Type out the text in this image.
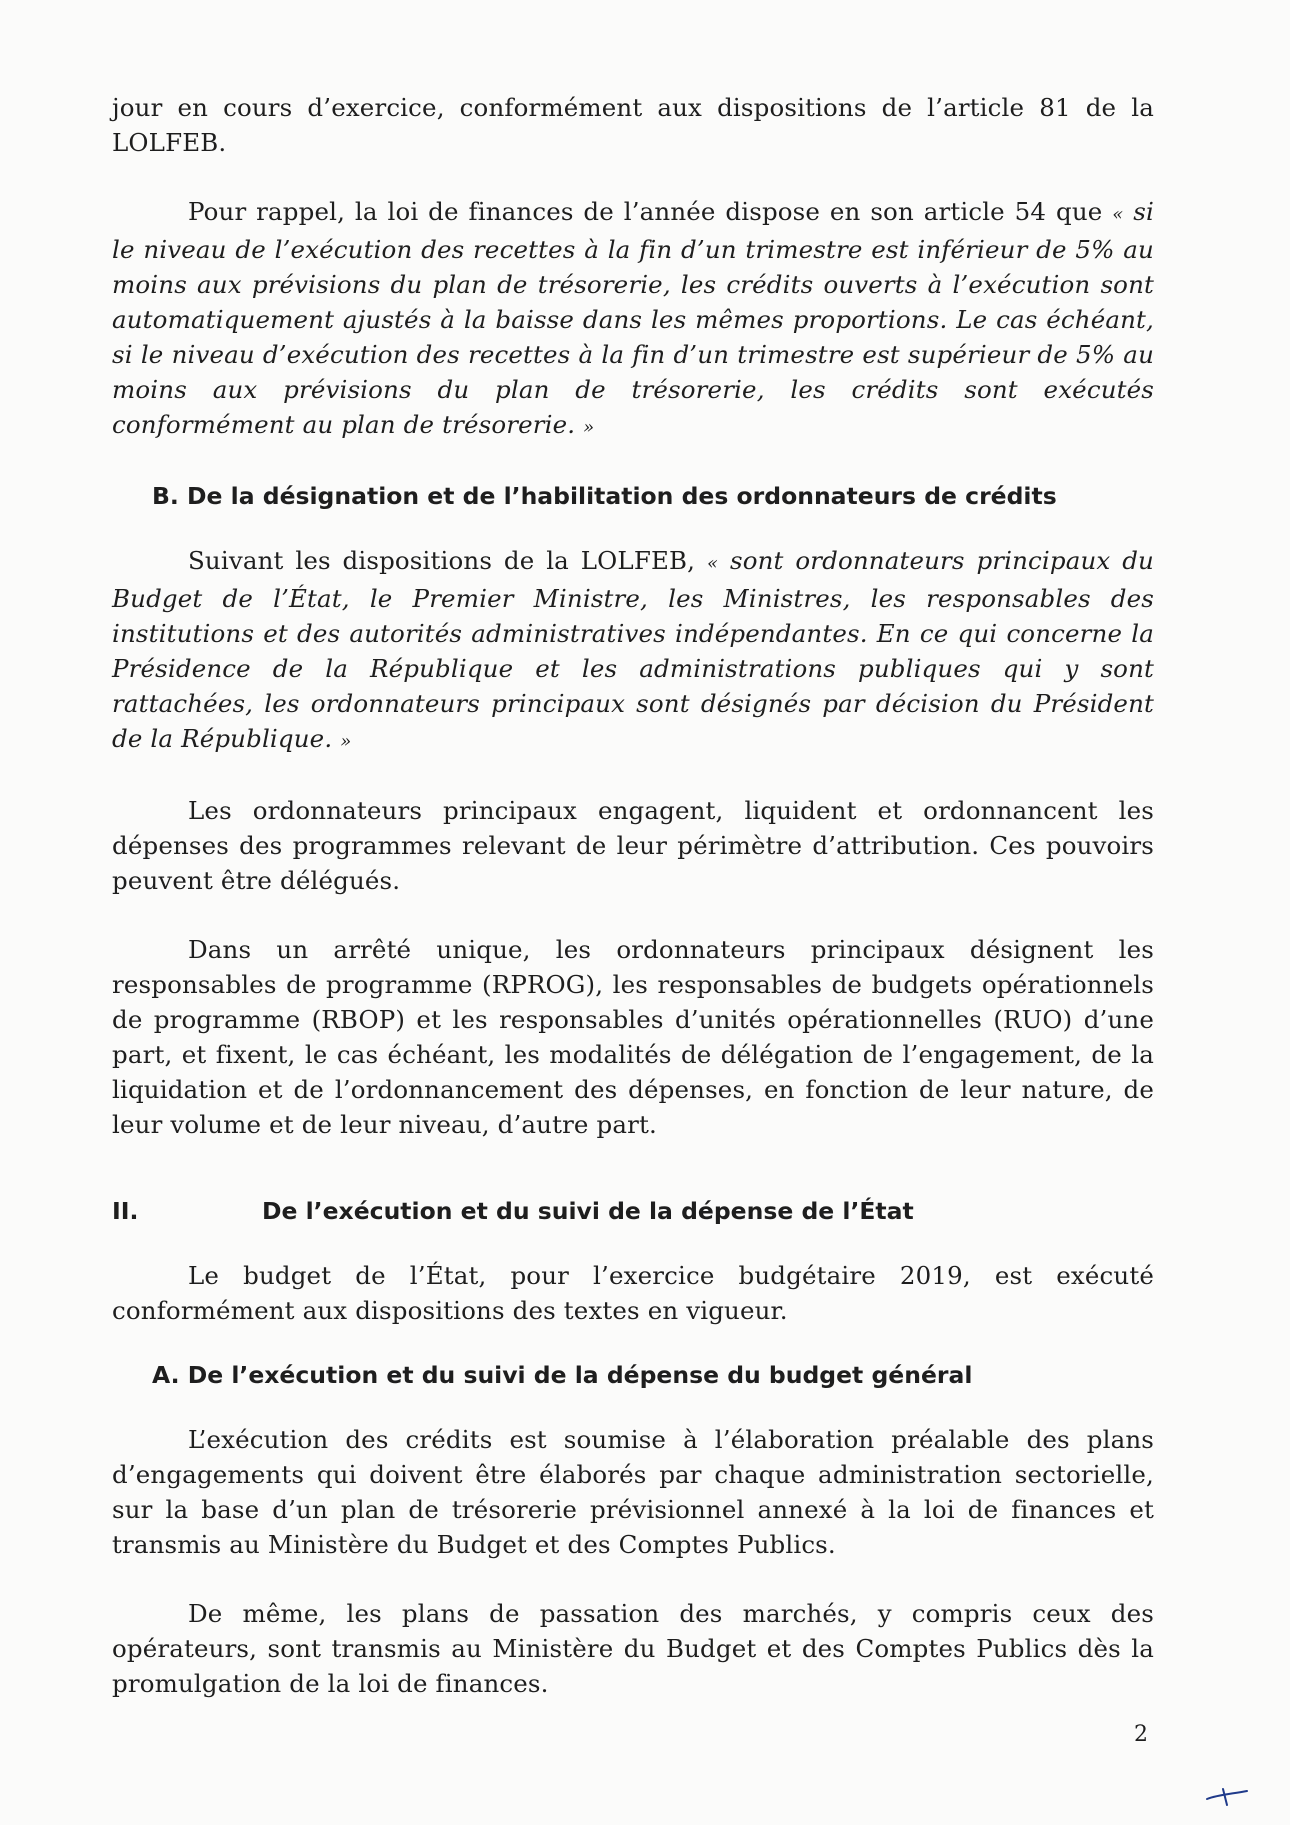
jour en cours d’exercice, conformément aux dispositions de l’article 81 de la LOLFEB.

Pour rappel, la loi de finances de l’année dispose en son article 54 que « si le niveau de l’exécution des recettes à la fin d’un trimestre est inférieur de 5% au moins aux prévisions du plan de trésorerie, les crédits ouverts à l’exécution sont automatiquement ajustés à la baisse dans les mêmes proportions. Le cas échéant, si le niveau d’exécution des recettes à la fin d’un trimestre est supérieur de 5% au moins aux prévisions du plan de trésorerie, les crédits sont exécutés conformément au plan de trésorerie. »

B. De la désignation et de l’habilitation des ordonnateurs de crédits

Suivant les dispositions de la LOLFEB, « sont ordonnateurs principaux du Budget de l’État, le Premier Ministre, les Ministres, les responsables des institutions et des autorités administratives indépendantes. En ce qui concerne la Présidence de la République et les administrations publiques qui y sont rattachées, les ordonnateurs principaux sont désignés par décision du Président de la République. »

Les ordonnateurs principaux engagent, liquident et ordonnancent les dépenses des programmes relevant de leur périmètre d’attribution. Ces pouvoirs peuvent être délégués.

Dans un arrêté unique, les ordonnateurs principaux désignent les responsables de programme (RPROG), les responsables de budgets opérationnels de programme (RBOP) et les responsables d’unités opérationnelles (RUO) d’une part, et fixent, le cas échéant, les modalités de délégation de l’engagement, de la liquidation et de l’ordonnancement des dépenses, en fonction de leur nature, de leur volume et de leur niveau, d’autre part.

II.	De l’exécution et du suivi de la dépense de l’État

Le budget de l’État, pour l’exercice budgétaire 2019, est exécuté conformément aux dispositions des textes en vigueur.

A. De l’exécution et du suivi de la dépense du budget général

L’exécution des crédits est soumise à l’élaboration préalable des plans d’engagements qui doivent être élaborés par chaque administration sectorielle, sur la base d’un plan de trésorerie prévisionnel annexé à la loi de finances et transmis au Ministère du Budget et des Comptes Publics.

De même, les plans de passation des marchés, y compris ceux des opérateurs, sont transmis au Ministère du Budget et des Comptes Publics dès la promulgation de la loi de finances.

2
